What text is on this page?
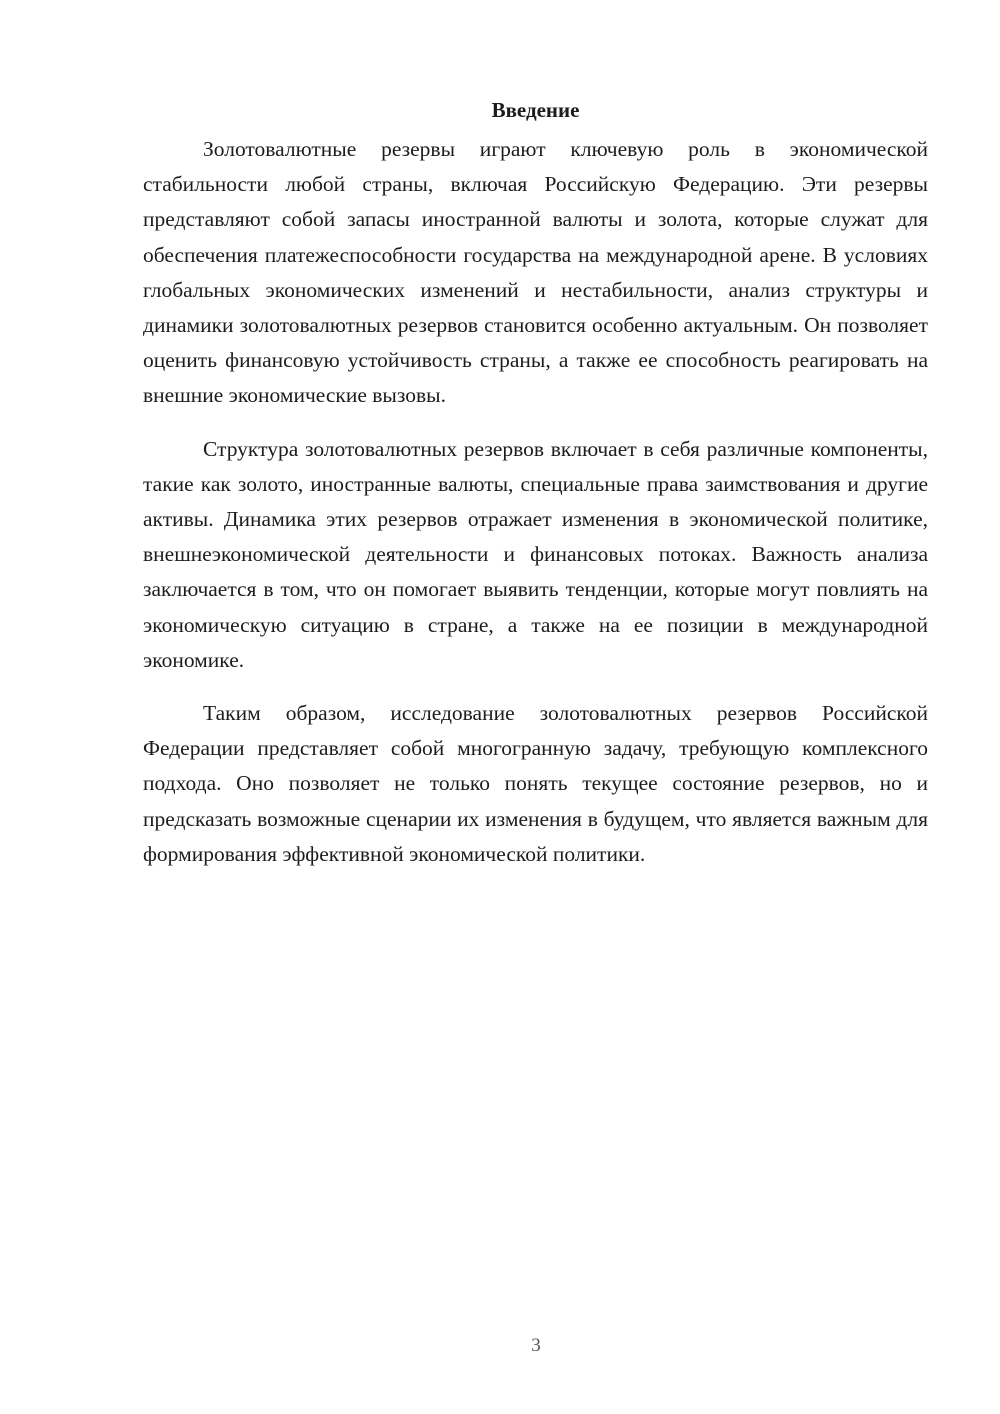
Введение

Золотовалютные резервы играют ключевую роль в экономической стабильности любой страны, включая Российскую Федерацию. Эти резервы представляют собой запасы иностранной валюты и золота, которые служат для обеспечения платежеспособности государства на международной арене. В условиях глобальных экономических изменений и нестабильности, анализ структуры и динамики золотовалютных резервов становится особенно актуальным. Он позволяет оценить финансовую устойчивость страны, а также ее способность реагировать на внешние экономические вызовы.

Структура золотовалютных резервов включает в себя различные компоненты, такие как золото, иностранные валюты, специальные права заимствования и другие активы. Динамика этих резервов отражает изменения в экономической политике, внешнеэкономической деятельности и финансовых потоках. Важность анализа заключается в том, что он помогает выявить тенденции, которые могут повлиять на экономическую ситуацию в стране, а также на ее позиции в международной экономике.

Таким образом, исследование золотовалютных резервов Российской Федерации представляет собой многогранную задачу, требующую комплексного подхода. Оно позволяет не только понять текущее состояние резервов, но и предсказать возможные сценарии их изменения в будущем, что является важным для формирования эффективной экономической политики.

3
